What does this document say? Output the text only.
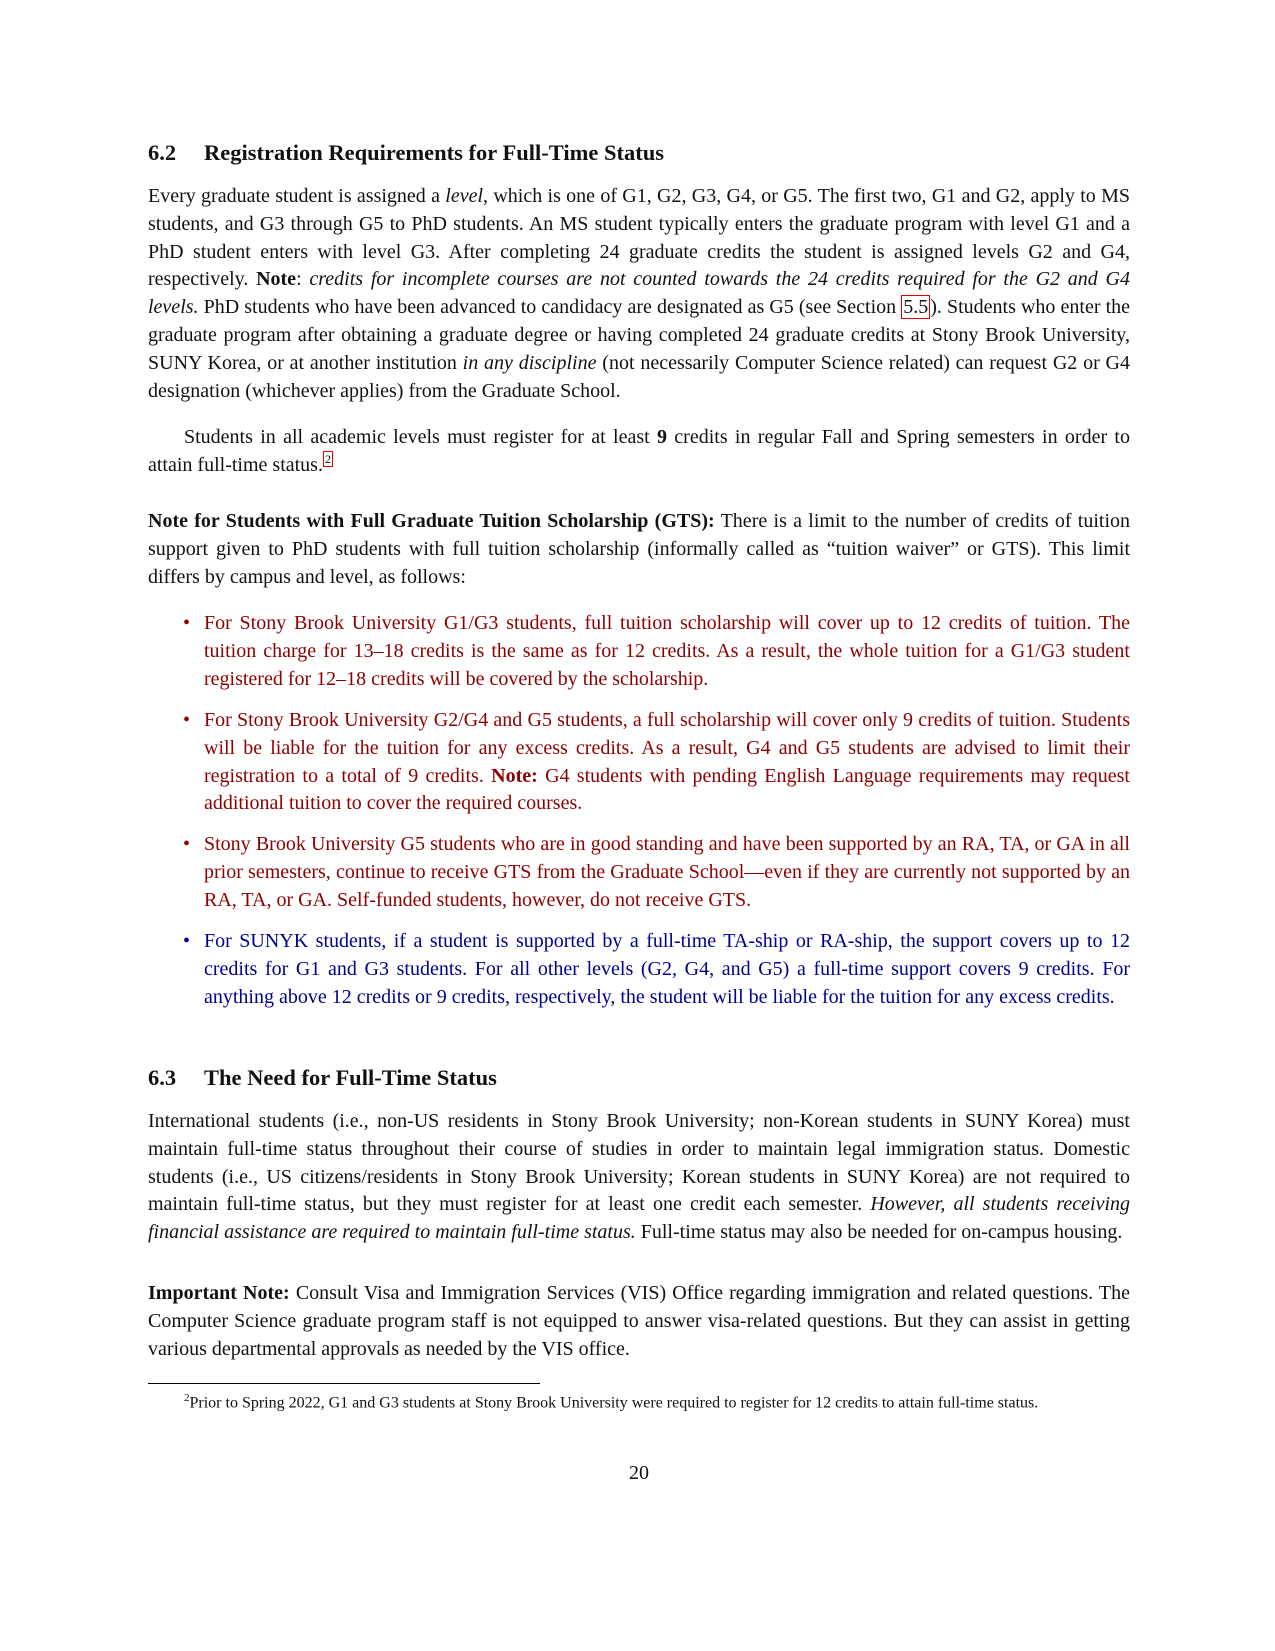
6.2 Registration Requirements for Full-Time Status

Every graduate student is assigned a level, which is one of G1, G2, G3, G4, or G5. The first two, G1 and G2, apply to MS students, and G3 through G5 to PhD students. An MS student typically enters the graduate program with level G1 and a PhD student enters with level G3. After completing 24 graduate credits the student is assigned levels G2 and G4, respectively. Note: credits for incomplete courses are not counted towards the 24 credits required for the G2 and G4 levels. PhD students who have been advanced to candidacy are designated as G5 (see Section 5.5 ). Students who enter the graduate program after obtaining a graduate degree or having completed 24 graduate credits at Stony Brook University, SUNY Korea, or at another institution in any discipline (not necessarily Computer Science related) can request G2 or G4 designation (whichever applies) from the Graduate School.

Students in all academic levels must register for at least 9 credits in regular Fall and Spring semesters in order to attain full-time status. $^2$

Note for Students with Full Graduate Tuition Scholarship (GTS): There is a limit to the number of credits of tuition support given to PhD students with full tuition scholarship (informally called as “tuition waiver” or GTS). This limit differs by campus and level, as follows:

• For Stony Brook University G1/G3 students, full tuition scholarship will cover up to 12 credits of tuition. The tuition charge for 13–18 credits is the same as for 12 credits. As a result, the whole tuition for a G1/G3 student registered for 12–18 credits will be covered by the scholarship.
• For Stony Brook University G2/G4 and G5 students, a full scholarship will cover only 9 credits of tuition. Students will be liable for the tuition for any excess credits. As a result, G4 and G5 students are advised to limit their registration to a total of 9 credits. Note: G4 students with pending English Language requirements may request additional tuition to cover the required courses.
• Stony Brook University G5 students who are in good standing and have been supported by an RA, TA, or GA in all prior semesters, continue to receive GTS from the Graduate School—even if they are currently not supported by an RA, TA, or GA. Self-funded students, however, do not receive GTS.
• For SUNYK students, if a student is supported by a full-time TA-ship or RA-ship, the support covers up to 12 credits for G1 and G3 students. For all other levels (G2, G4, and G5) a full-time support covers 9 credits. For anything above 12 credits or 9 credits, respectively, the student will be liable for the tuition for any excess credits.
6.3 The Need for Full-Time Status

International students (i.e., non-US residents in Stony Brook University; non-Korean students in SUNY Korea) must maintain full-time status throughout their course of studies in order to maintain legal immigration status. Domestic students (i.e., US citizens/residents in Stony Brook University; Korean students in SUNY Korea) are not required to maintain full-time status, but they must register for at least one credit each semester. However, all students receiving financial assistance are required to maintain full-time status. Full-time status may also be needed for on-campus housing.

Important Note: Consult Visa and Immigration Services (VIS) Office regarding immigration and related questions. The Computer Science graduate program staff is not equipped to answer visa-related questions. But they can assist in getting various departmental approvals as needed by the VIS office.

$^2$Prior to Spring 2022, G1 and G3 students at Stony Brook University were required to register for 12 credits to attain full-time status.

20
